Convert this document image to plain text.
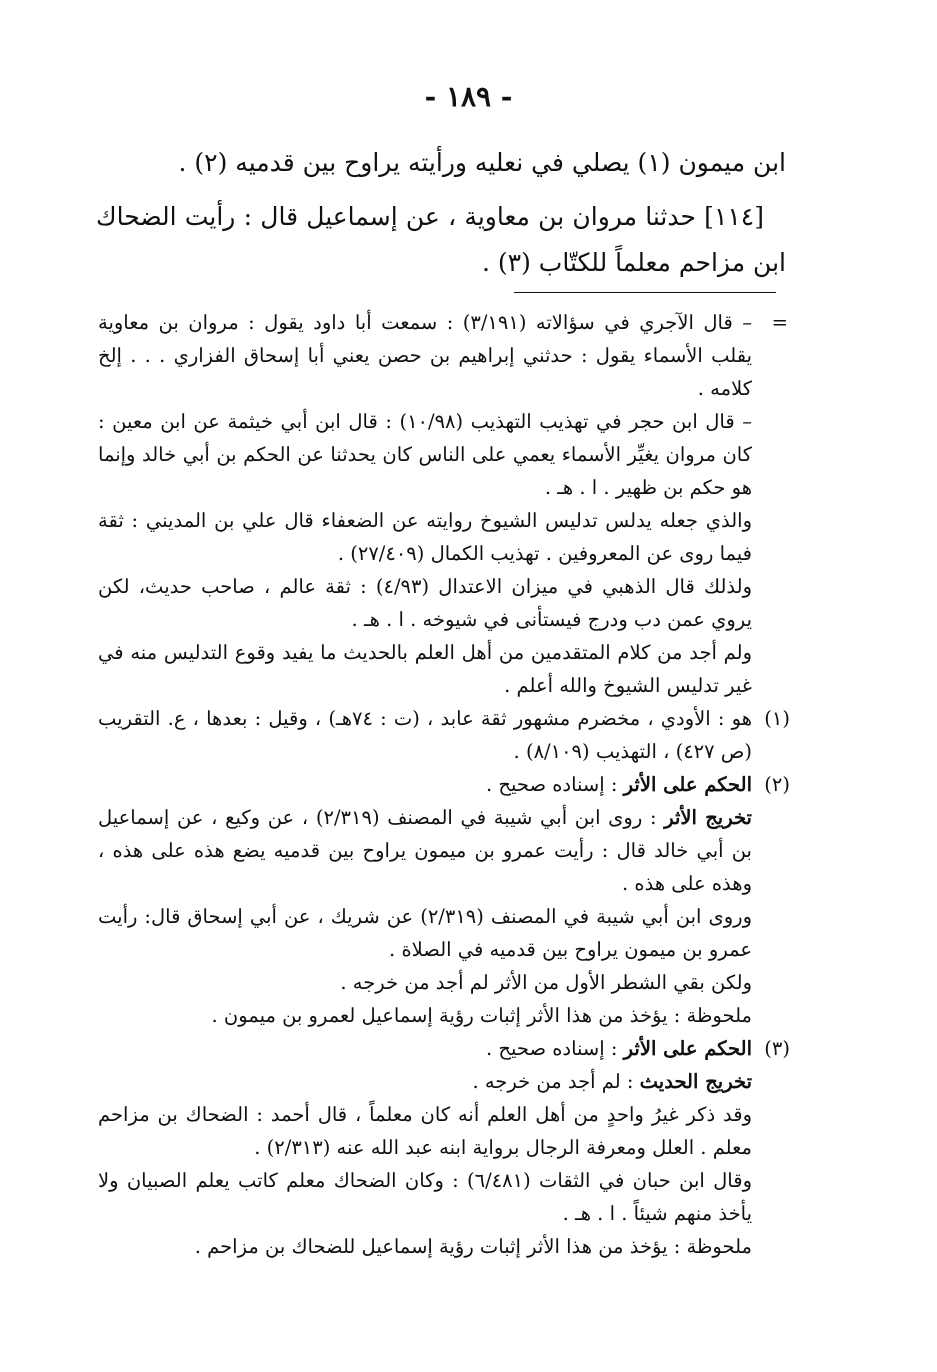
- ١٨٩ -

ابن ميمون (١) يصلي في نعليه ورأيته يراوح بين قدميه (٢) .

[١١٤] حدثنا مروان بن معاوية ، عن إسماعيل قال : رأيت الضحاك ابن مزاحم معلماً للكتّاب (٣) .

=

– قال الآجري في سؤالاته (٣/١٩١) : سمعت أبا داود يقول : مروان بن معاوية يقلب الأسماء يقول : حدثني إبراهيم بن حصن يعني أبا إسحاق الفزاري . . . إلخ كلامه .

– قال ابن حجر في تهذيب التهذيب (١٠/٩٨) : قال ابن أبي خيثمة عن ابن معين : كان مروان يغيِّر الأسماء يعمي على الناس كان يحدثنا عن الحكم بن أبي خالد وإنما هو حكم بن ظهير . ا . هـ .

والذي جعله يدلس تدليس الشيوخ روايته عن الضعفاء قال علي بن المديني : ثقة فيما روى عن المعروفين . تهذيب الكمال (٢٧/٤٠٩) .

ولذلك قال الذهبي في ميزان الاعتدال (٤/٩٣) : ثقة عالم ، صاحب حديث، لكن يروي عمن دب ودرج فيستأنى في شيوخه . ا . هـ .

ولم أجد من كلام المتقدمين من أهل العلم بالحديث ما يفيد وقوع التدليس منه في غير تدليس الشيوخ والله أعلم .

(١)

هو : الأودي ، مخضرم مشهور ثقة عابد ، (ت : ٧٤هـ) ، وقيل : بعدها ، ع. التقريب (ص ٤٢٧) ، التهذيب (٨/١٠٩) .

(٢)

الحكم على الأثر : إسناده صحيح .

تخريج الأثر : روى ابن أبي شيبة في المصنف (٢/٣١٩) ، عن وكيع ، عن إسماعيل بن أبي خالد قال : رأيت عمرو بن ميمون يراوح بين قدميه يضع هذه على هذه ، وهذه على هذه .

وروى ابن أبي شيبة في المصنف (٢/٣١٩) عن شريك ، عن أبي إسحاق قال: رأيت عمرو بن ميمون يراوح بين قدميه في الصلاة .

ولكن بقي الشطر الأول من الأثر لم أجد من خرجه .

ملحوظة : يؤخذ من هذا الأثر إثبات رؤية إسماعيل لعمرو بن ميمون .

(٣)

الحكم على الأثر : إسناده صحيح .

تخريج الحديث : لم أجد من خرجه .

وقد ذكر غيرُ واحدٍ من أهل العلم أنه كان معلماً ، قال أحمد : الضحاك بن مزاحم معلم . العلل ومعرفة الرجال برواية ابنه عبد الله عنه (٢/٣١٣) .

وقال ابن حبان في الثقات (٦/٤٨١) : وكان الضحاك معلم كاتب يعلم الصبيان ولا يأخذ منهم شيئاً . ا . هـ .

ملحوظة : يؤخذ من هذا الأثر إثبات رؤية إسماعيل للضحاك بن مزاحم .
